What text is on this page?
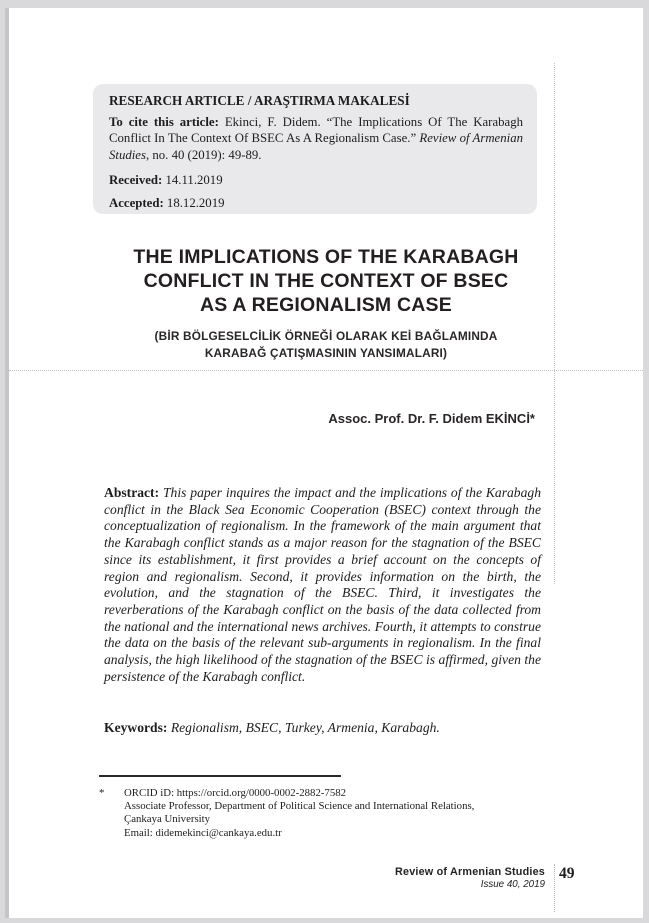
RESEARCH ARTICLE / ARAŞTIRMA MAKALESİ

To cite this article: Ekinci, F. Didem. “The Implications Of The Karabagh Conflict In The Context Of BSEC As A Regionalism Case.” Review of Armenian Studies, no. 40 (2019): 49-89.

Received: 14.11.2019
Accepted: 18.12.2019
THE IMPLICATIONS OF THE KARABAGH
CONFLICT IN THE CONTEXT OF BSEC
AS A REGIONALISM CASE
(BİR BÖLGESELCİLİK ÖRNEĞİ OLARAK KEİ BAĞLAMINDA
KARABAĞ ÇATIŞMASININ YANSIMALARI)
Assoc. Prof. Dr. F. Didem EKİNCİ*
Abstract: This paper inquires the impact and the implications of the Karabagh conflict in the Black Sea Economic Cooperation (BSEC) context through the conceptualization of regionalism. In the framework of the main argument that the Karabagh conflict stands as a major reason for the stagnation of the BSEC since its establishment, it first provides a brief account on the concepts of region and regionalism. Second, it provides information on the birth, the evolution, and the stagnation of the BSEC. Third, it investigates the reverberations of the Karabagh conflict on the basis of the data collected from the national and the international news archives. Fourth, it attempts to construe the data on the basis of the relevant sub-arguments in regionalism. In the final analysis, the high likelihood of the stagnation of the BSEC is affirmed, given the persistence of the Karabagh conflict.
Keywords: Regionalism, BSEC, Turkey, Armenia, Karabagh.
*	ORCID iD: https://orcid.org/0000-0002-2882-7582
Associate Professor, Department of Political Science and International Relations,
Çankaya University
Email: didemekinci@cankaya.edu.tr
Review of Armenian Studies
Issue 40, 2019
49
